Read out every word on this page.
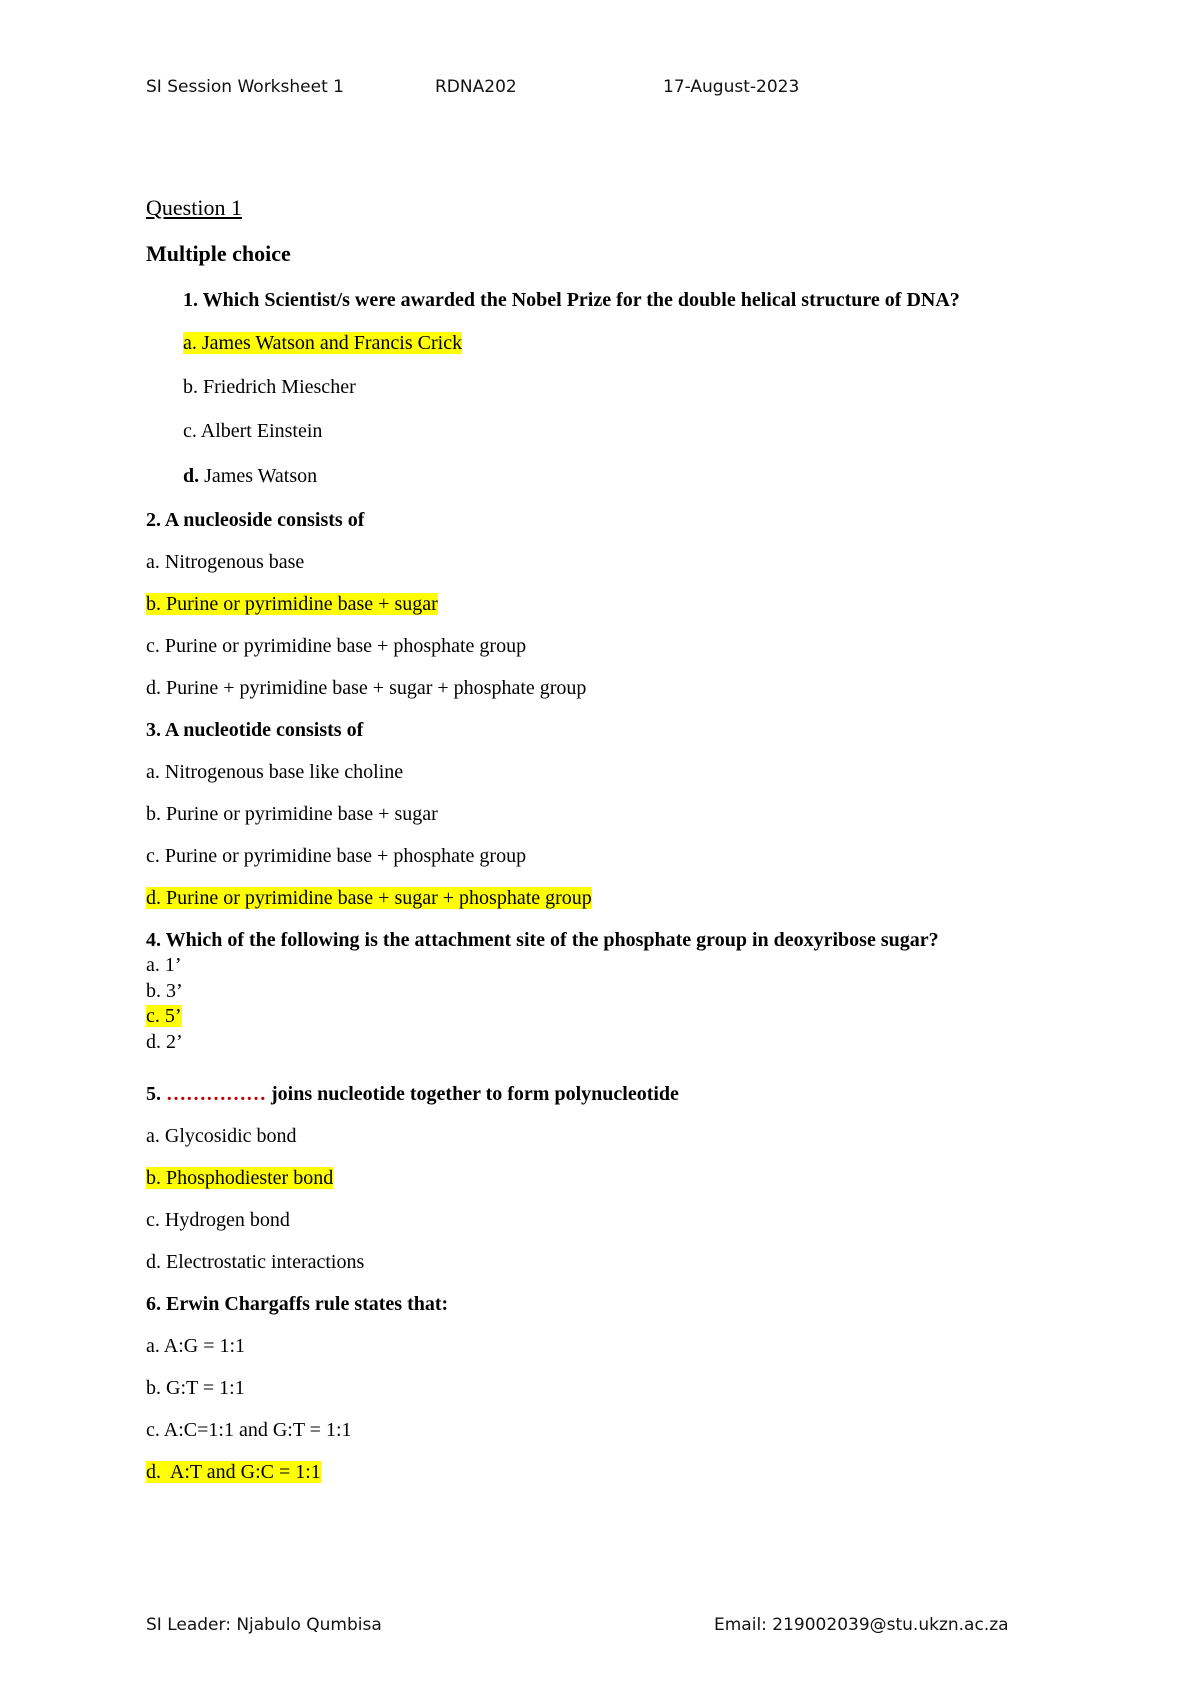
SI Session Worksheet 1	RDNA202	17-August-2023
Question 1
Multiple choice
1. Which Scientist/s were awarded the Nobel Prize for the double helical structure of DNA?
a. James Watson and Francis Crick
b. Friedrich Miescher
c. Albert Einstein
d. James Watson
2. A nucleoside consists of
a. Nitrogenous base
b. Purine or pyrimidine base + sugar
c. Purine or pyrimidine base + phosphate group
d. Purine + pyrimidine base + sugar + phosphate group
3. A nucleotide consists of
a. Nitrogenous base like choline
b. Purine or pyrimidine base + sugar
c. Purine or pyrimidine base + phosphate group
d. Purine or pyrimidine base + sugar + phosphate group
4. Which of the following is the attachment site of the phosphate group in deoxyribose sugar?
a. 1’
b. 3’
c. 5’
d. 2’
5. …………… joins nucleotide together to form polynucleotide
a. Glycosidic bond
b. Phosphodiester bond
c. Hydrogen bond
d. Electrostatic interactions
6. Erwin Chargaffs rule states that:
a. A:G = 1:1
b. G:T = 1:1
c. A:C=1:1 and G:T = 1:1
d.  A:T and G:C = 1:1
SI Leader: Njabulo Qumbisa	Email: 219002039@stu.ukzn.ac.za
